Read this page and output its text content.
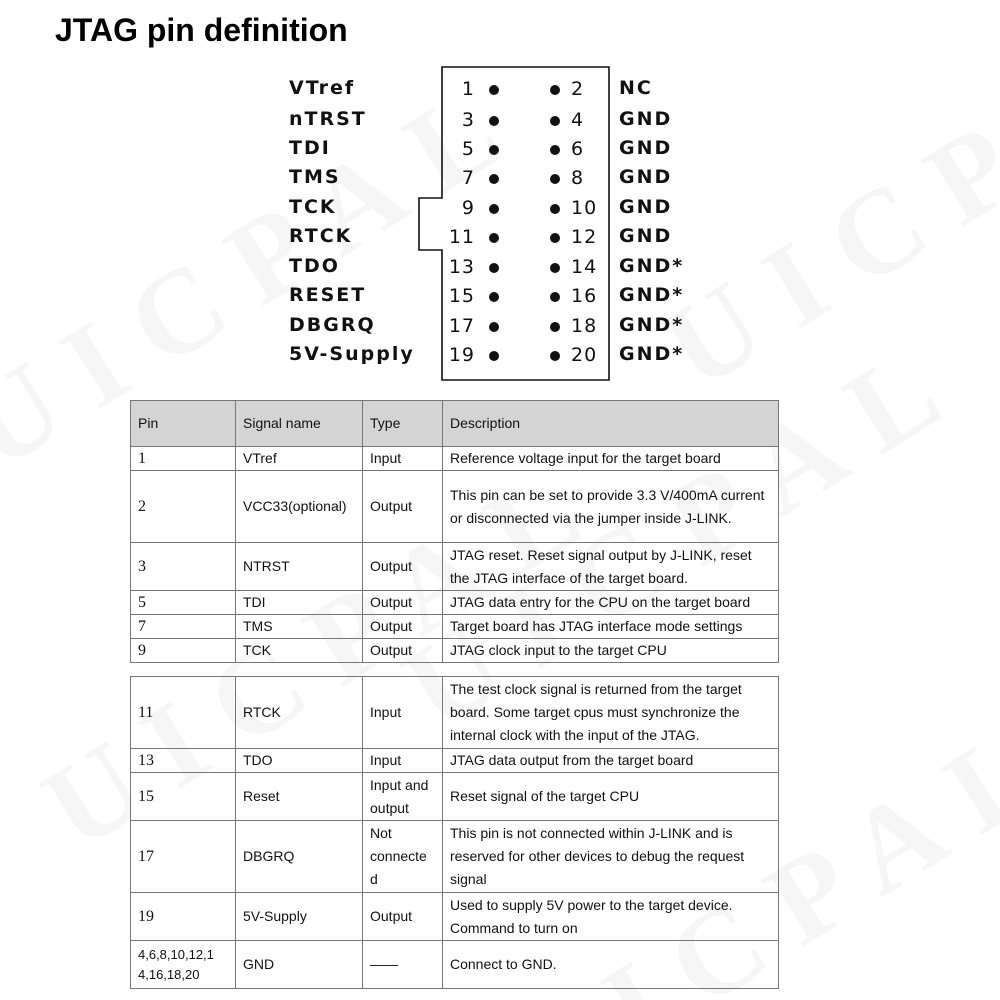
JTAG pin definition
VTref	1	2 NC
nTRST	3	4 GND
TDI	5	6 GND
TMS	7	8 GND
TCK	9	10 GND
RTCK	11	12 GND
TDO	13	14 GND*
RESET	15	16 GND*
DBGRQ	17	18 GND*
5V-Supply 19	20 GND*
Pin	Signal name	Type	Description
1	VTref	Input	Reference voltage input for the target board
2	VCC33(optional)	Output	This pin can be set to provide 3.3 V/400mA current or disconnected via the jumper inside J-LINK.
3	NTRST	Output	JTAG reset. Reset signal output by J-LINK, reset the JTAG interface of the target board.
5	TDI	Output	JTAG data entry for the CPU on the target board
7	TMS	Output	Target board has JTAG interface mode settings
9	TCK	Output	JTAG clock input to the target CPU
11	RTCK	Input	The test clock signal is returned from the target board. Some target cpus must synchronize the internal clock with the input of the JTAG.
13	TDO	Input	JTAG data output from the target board
15	Reset	Input and output	Reset signal of the target CPU
17	DBGRQ	Not connecte d	This pin is not connected within J-LINK and is reserved for other devices to debug the request signal
19	5V-Supply	Output	Used to supply 5V power to the target device. Command to turn on
4,6,8,10,12,1 4,16,18,20	GND	——	Connect to GND.
